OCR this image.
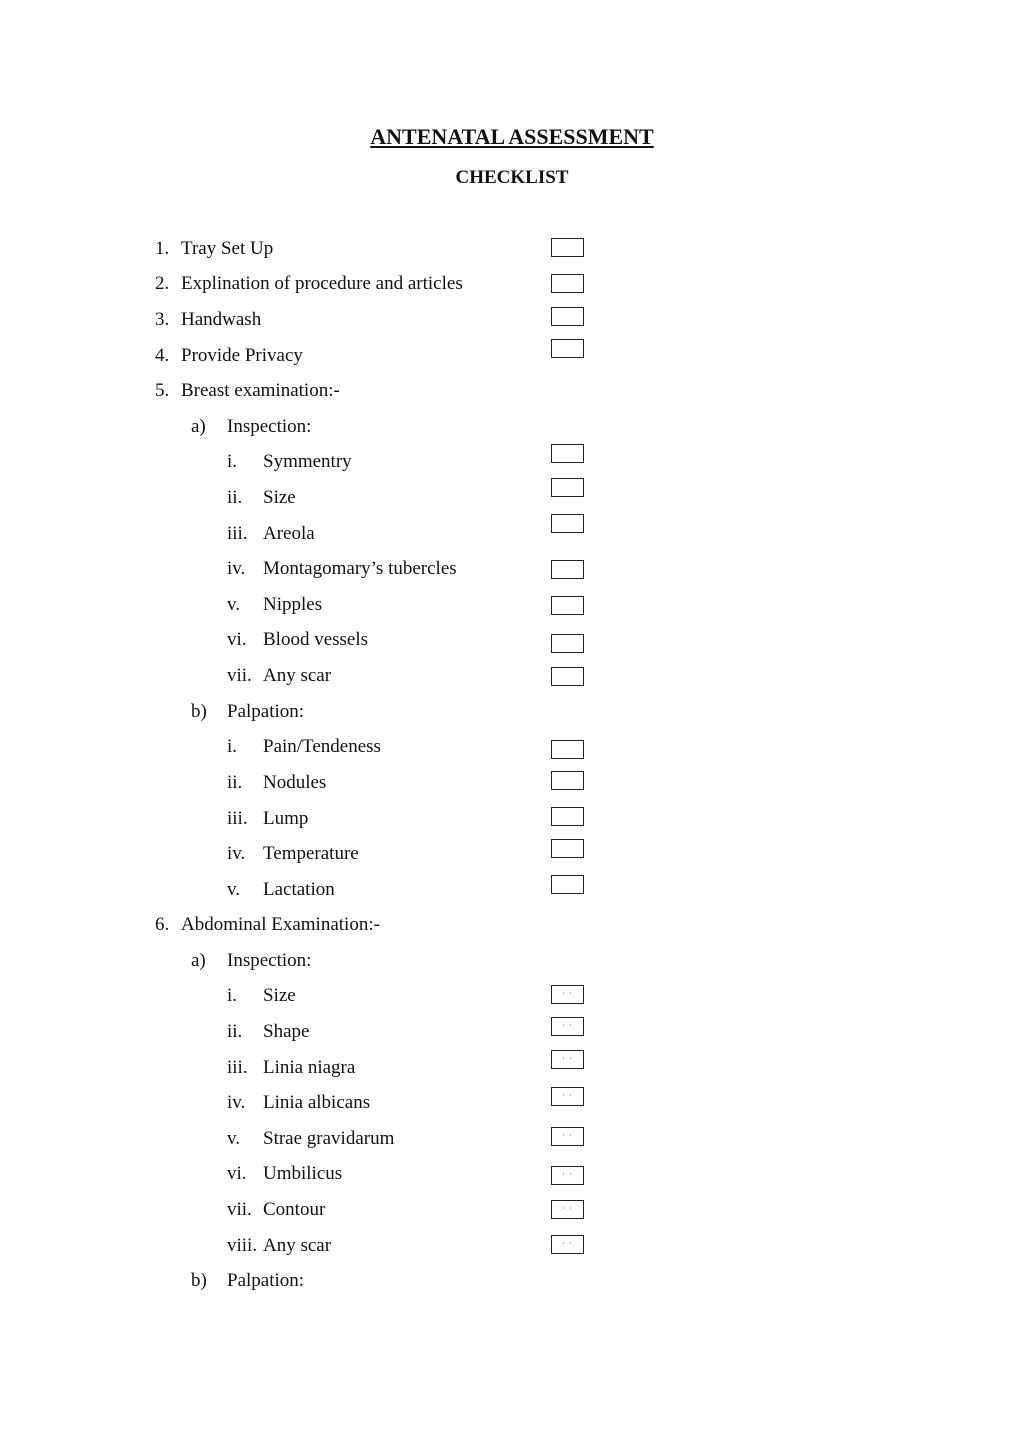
ANTENATAL ASSESSMENT
CHECKLIST
1. Tray Set Up
2. Explination of procedure and articles
3. Handwash
4. Provide Privacy
5. Breast examination:-
a) Inspection:
i. Symmentry
ii. Size
iii. Areola
iv. Montagomary’s tubercles
v. Nipples
vi. Blood vessels
vii. Any scar
b) Palpation:
i. Pain/Tendeness
ii. Nodules
iii. Lump
iv. Temperature
v. Lactation
6. Abdominal Examination:-
a) Inspection:
i. Size
· ·
ii. Shape
· ·
iii. Linia niagra
· ·
iv. Linia albicans
· ·
v. Strae gravidarum
· ·
vi. Umbilicus
· ·
vii. Contour
· ·
viii. Any scar
· ·
b) Palpation:
